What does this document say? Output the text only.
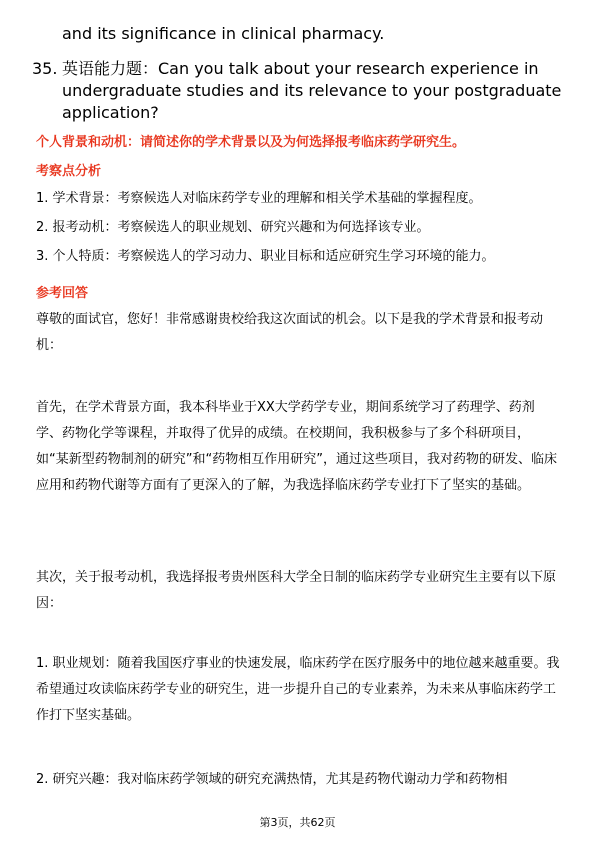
and its significance in clinical pharmacy.
35. 英语能力题：Can you talk about your research experience in undergraduate studies and its relevance to your postgraduate application?
个人背景和动机：请简述你的学术背景以及为何选择报考临床药学研究生。
考察点分析
1. 学术背景：考察候选人对临床药学专业的理解和相关学术基础的掌握程度。
2. 报考动机：考察候选人的职业规划、研究兴趣和为何选择该专业。
3. 个人特质：考察候选人的学习动力、职业目标和适应研究生学习环境的能力。
参考回答
尊敬的面试官，您好！非常感谢贵校给我这次面试的机会。以下是我的学术背景和报考动机：
首先，在学术背景方面，我本科毕业于XX大学药学专业，期间系统学习了药理学、药剂学、药物化学等课程，并取得了优异的成绩。在校期间，我积极参与了多个科研项目，如“某新型药物制剂的研究”和“药物相互作用研究”，通过这些项目，我对药物的研发、临床应用和药物代谢等方面有了更深入的了解，为我选择临床药学专业打下了坚实的基础。
其次，关于报考动机，我选择报考贵州医科大学全日制的临床药学专业研究生主要有以下原因：
1. 职业规划：随着我国医疗事业的快速发展，临床药学在医疗服务中的地位越来越重要。我希望通过攻读临床药学专业的研究生，进一步提升自己的专业素养，为未来从事临床药学工作打下坚实基础。
2. 研究兴趣：我对临床药学领域的研究充满热情，尤其是药物代谢动力学和药物相
第3页，共62页
